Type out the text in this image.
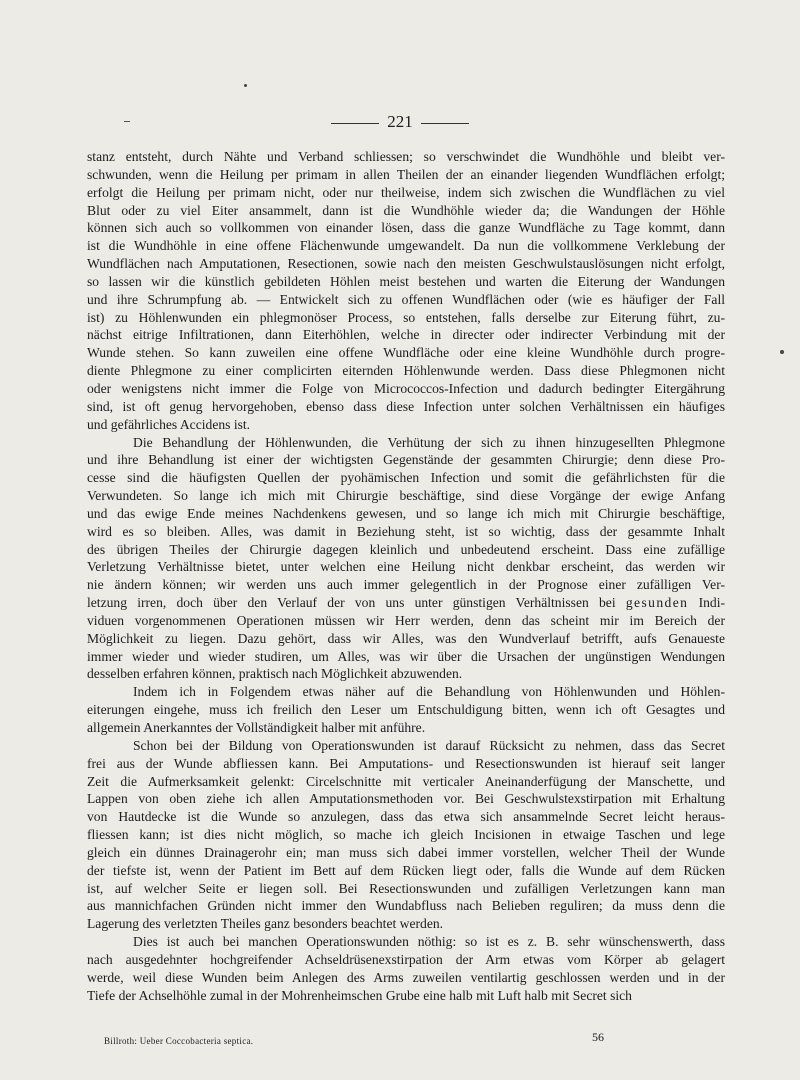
221
stanz entsteht, durch Nähte und Verband schliessen; so verschwindet die Wundhöhle und bleibt ver-
schwunden, wenn die Heilung per primam in allen Theilen der an einander liegenden Wundflächen erfolgt;
erfolgt die Heilung per primam nicht, oder nur theilweise, indem sich zwischen die Wundflächen zu viel
Blut oder zu viel Eiter ansammelt, dann ist die Wundhöhle wieder da; die Wandungen der Höhle
können sich auch so vollkommen von einander lösen, dass die ganze Wundfläche zu Tage kommt, dann
ist die Wundhöhle in eine offene Flächenwunde umgewandelt. Da nun die vollkommene Verklebung der
Wundflächen nach Amputationen, Resectionen, sowie nach den meisten Geschwulstauslösungen nicht erfolgt,
so lassen wir die künstlich gebildeten Höhlen meist bestehen und warten die Eiterung der Wandungen
und ihre Schrumpfung ab. — Entwickelt sich zu offenen Wundflächen oder (wie es häufiger der Fall
ist) zu Höhlenwunden ein phlegmonöser Process, so entstehen, falls derselbe zur Eiterung führt, zu-
nächst eitrige Infiltrationen, dann Eiterhöhlen, welche in directer oder indirecter Verbindung mit der
Wunde stehen. So kann zuweilen eine offene Wundfläche oder eine kleine Wundhöhle durch progre-
diente Phlegmone zu einer complicirten eiternden Höhlenwunde werden. Dass diese Phlegmonen nicht
oder wenigstens nicht immer die Folge von Micrococcos-Infection und dadurch bedingter Eitergährung
sind, ist oft genug hervorgehoben, ebenso dass diese Infection unter solchen Verhältnissen ein häufiges
und gefährliches Accidens ist.
Die Behandlung der Höhlenwunden, die Verhütung der sich zu ihnen hinzugesellten Phlegmone
und ihre Behandlung ist einer der wichtigsten Gegenstände der gesammten Chirurgie; denn diese Pro-
cesse sind die häufigsten Quellen der pyohämischen Infection und somit die gefährlichsten für die
Verwundeten. So lange ich mich mit Chirurgie beschäftige, sind diese Vorgänge der ewige Anfang
und das ewige Ende meines Nachdenkens gewesen, und so lange ich mich mit Chirurgie beschäftige,
wird es so bleiben. Alles, was damit in Beziehung steht, ist so wichtig, dass der gesammte Inhalt
des übrigen Theiles der Chirurgie dagegen kleinlich und unbedeutend erscheint. Dass eine zufällige
Verletzung Verhältnisse bietet, unter welchen eine Heilung nicht denkbar erscheint, das werden wir
nie ändern können; wir werden uns auch immer gelegentlich in der Prognose einer zufälligen Ver-
letzung irren, doch über den Verlauf der von uns unter günstigen Verhältnissen bei gesunden Indi-
viduen vorgenommenen Operationen müssen wir Herr werden, denn das scheint mir im Bereich der
Möglichkeit zu liegen. Dazu gehört, dass wir Alles, was den Wundverlauf betrifft, aufs Genaueste
immer wieder und wieder studiren, um Alles, was wir über die Ursachen der ungünstigen Wendungen
desselben erfahren können, praktisch nach Möglichkeit abzuwenden.
Indem ich in Folgendem etwas näher auf die Behandlung von Höhlenwunden und Höhlen-
eiterungen eingehe, muss ich freilich den Leser um Entschuldigung bitten, wenn ich oft Gesagtes und
allgemein Anerkanntes der Vollständigkeit halber mit anführe.
Schon bei der Bildung von Operationswunden ist darauf Rücksicht zu nehmen, dass das Secret
frei aus der Wunde abfliessen kann. Bei Amputations- und Resectionswunden ist hierauf seit langer
Zeit die Aufmerksamkeit gelenkt: Circelschnitte mit verticaler Aneinanderfügung der Manschette, und
Lappen von oben ziehe ich allen Amputationsmethoden vor. Bei Geschwulstexstirpation mit Erhaltung
von Hautdecke ist die Wunde so anzulegen, dass das etwa sich ansammelnde Secret leicht heraus-
fliessen kann; ist dies nicht möglich, so mache ich gleich Incisionen in etwaige Taschen und lege
gleich ein dünnes Drainagerohr ein; man muss sich dabei immer vorstellen, welcher Theil der Wunde
der tiefste ist, wenn der Patient im Bett auf dem Rücken liegt oder, falls die Wunde auf dem Rücken
ist, auf welcher Seite er liegen soll. Bei Resectionswunden und zufälligen Verletzungen kann man
aus mannichfachen Gründen nicht immer den Wundabfluss nach Belieben reguliren; da muss denn die
Lagerung des verletzten Theiles ganz besonders beachtet werden.
Dies ist auch bei manchen Operationswunden nöthig: so ist es z. B. sehr wünschenswerth, dass
nach ausgedehnter hochgreifender Achseldrüsenexstirpation der Arm etwas vom Körper ab gelagert
werde, weil diese Wunden beim Anlegen des Arms zuweilen ventilartig geschlossen werden und in der
Tiefe der Achselhöhle zumal in der Mohrenheimschen Grube eine halb mit Luft halb mit Secret sich
Billroth: Ueber Coccobacteria septica.	56
